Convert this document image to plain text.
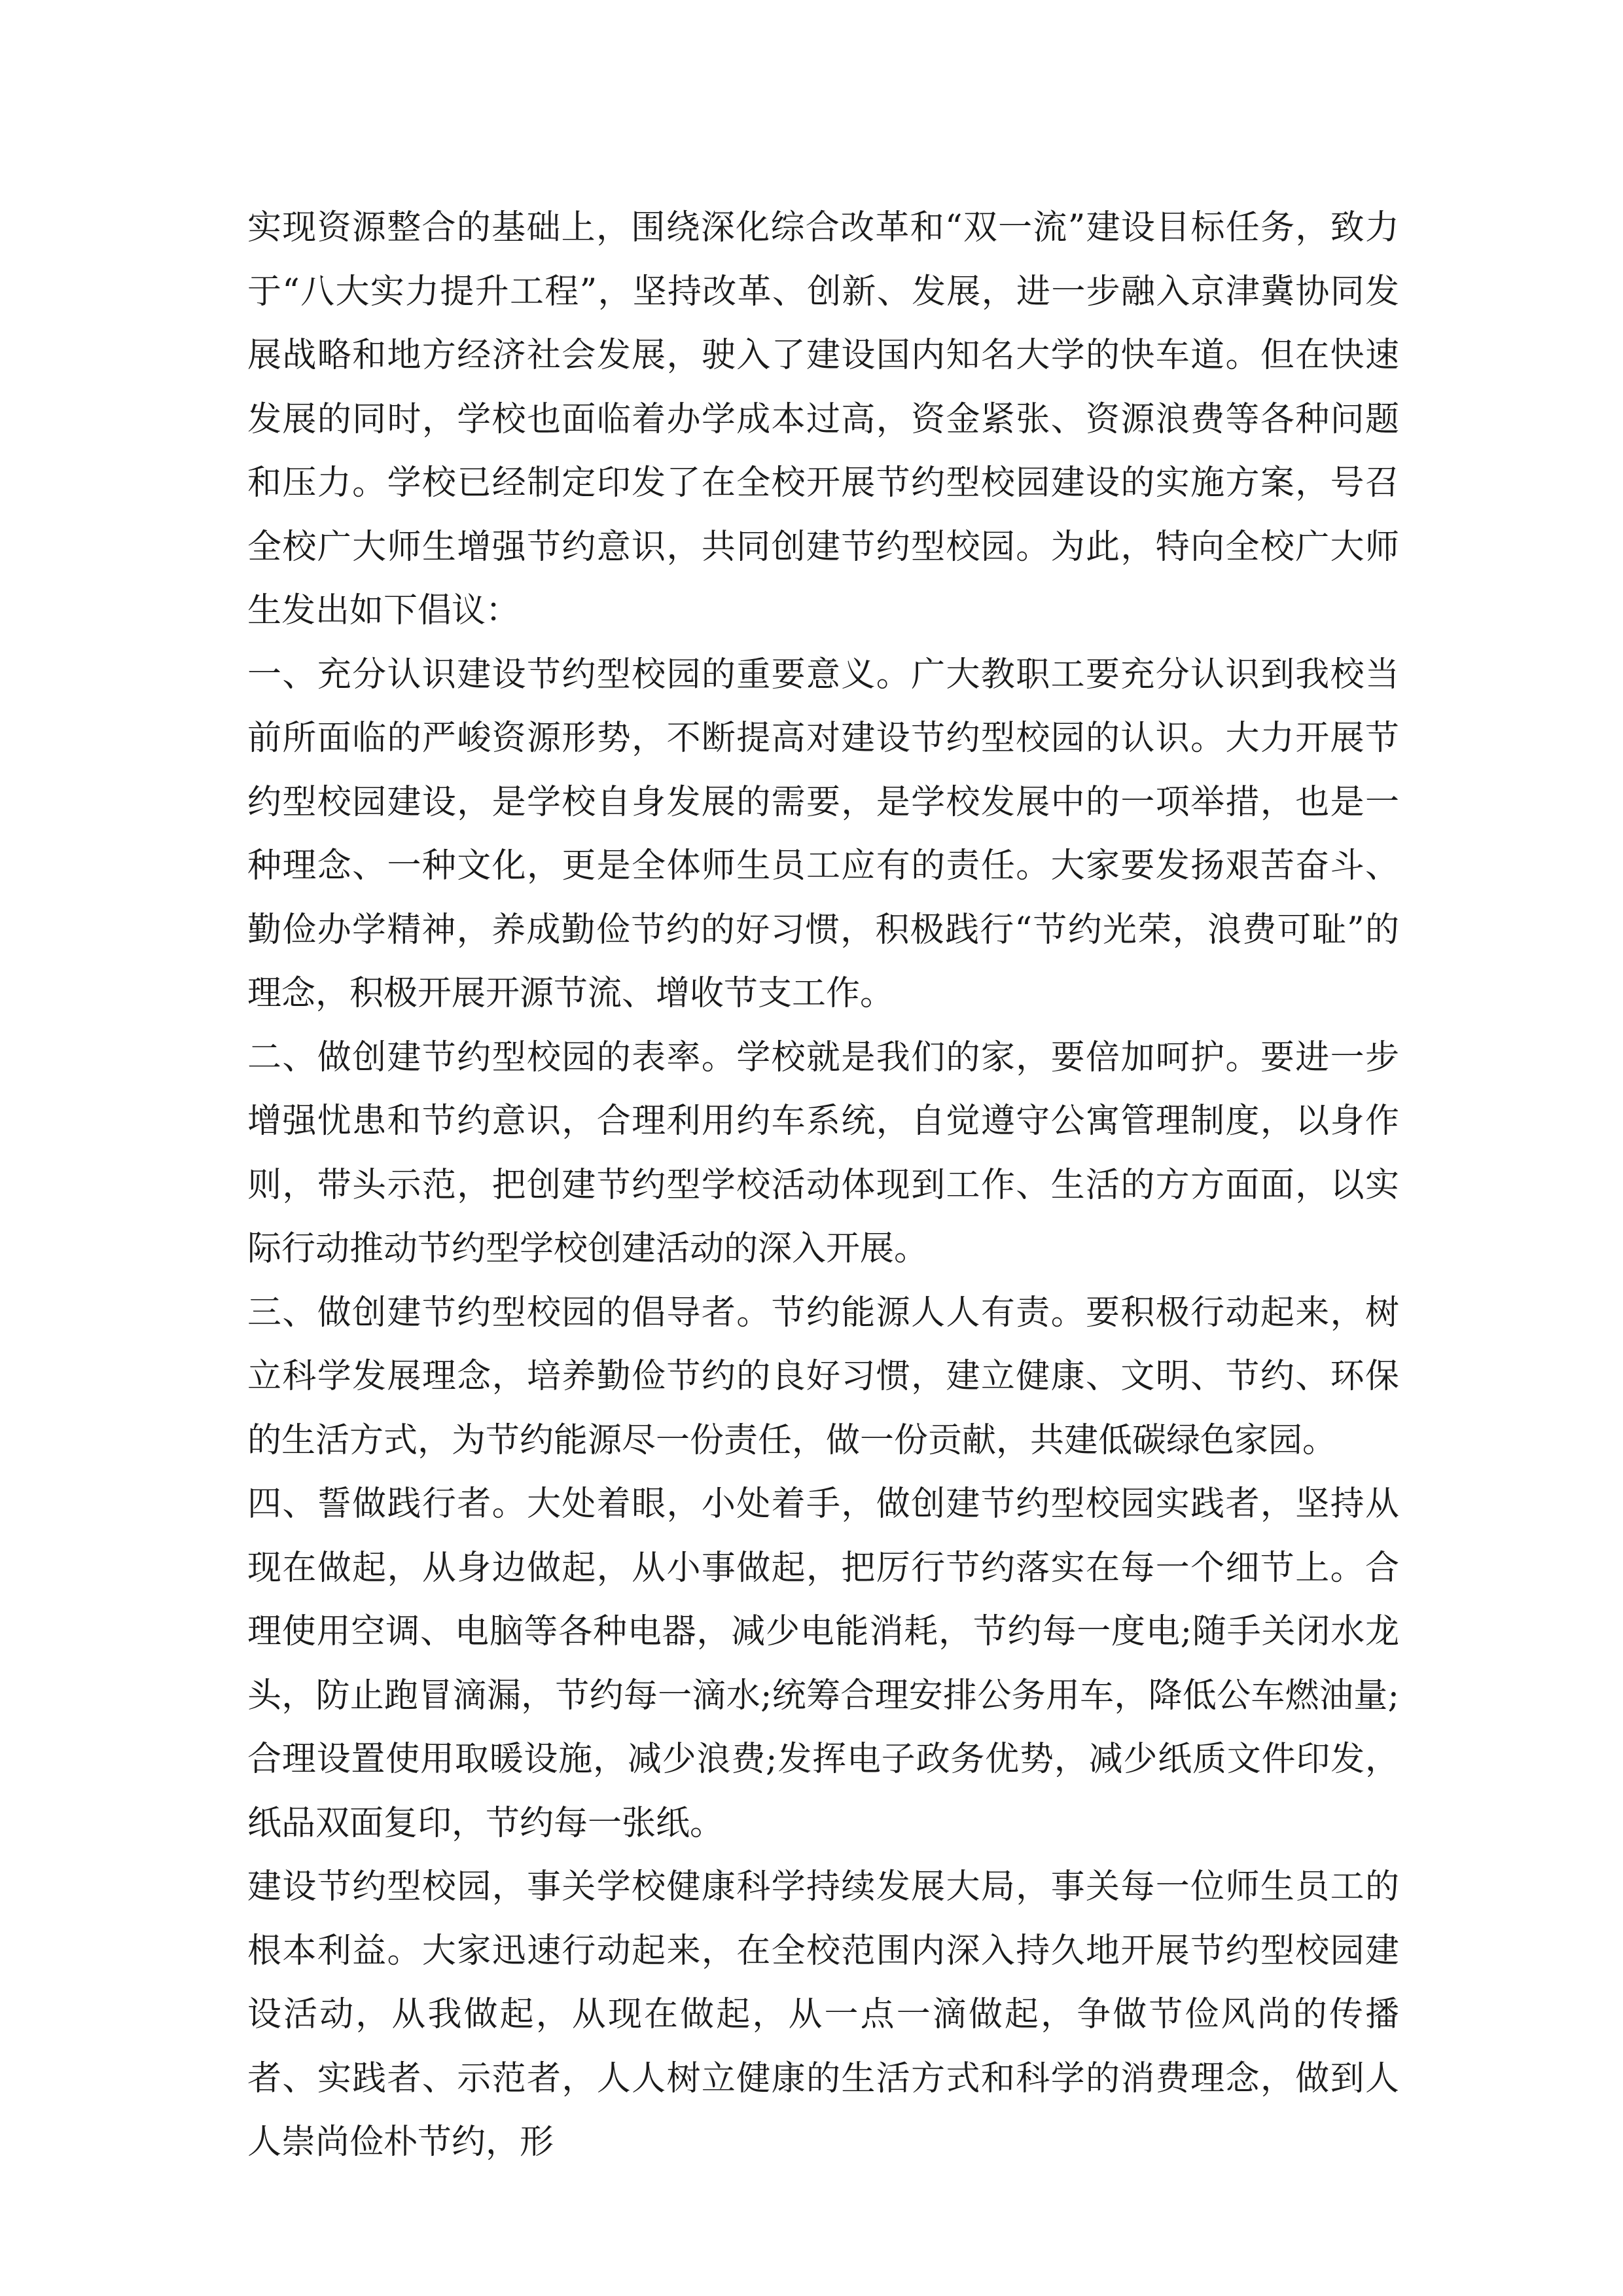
实现资源整合的基础上，围绕深化综合改革和“双一流”建设目标任务，致力于“八大实力提升工程”，坚持改革、创新、发展，进一步融入京津冀协同发展战略和地方经济社会发展，驶入了建设国内知名大学的快车道。但在快速发展的同时，学校也面临着办学成本过高，资金紧张、资源浪费等各种问题和压力。学校已经制定印发了在全校开展节约型校园建设的实施方案，号召全校广大师生增强节约意识，共同创建节约型校园。为此，特向全校广大师生发出如下倡议：

一、充分认识建设节约型校园的重要意义。广大教职工要充分认识到我校当前所面临的严峻资源形势，不断提高对建设节约型校园的认识。大力开展节约型校园建设，是学校自身发展的需要，是学校发展中的一项举措，也是一种理念、一种文化，更是全体师生员工应有的责任。大家要发扬艰苦奋斗、勤俭办学精神，养成勤俭节约的好习惯，积极践行“节约光荣，浪费可耻”的理念，积极开展开源节流、增收节支工作。

二、做创建节约型校园的表率。学校就是我们的家，要倍加呵护。要进一步增强忧患和节约意识，合理利用约车系统，自觉遵守公寓管理制度，以身作则，带头示范，把创建节约型学校活动体现到工作、生活的方方面面，以实际行动推动节约型学校创建活动的深入开展。

三、做创建节约型校园的倡导者。节约能源人人有责。要积极行动起来，树立科学发展理念，培养勤俭节约的良好习惯，建立健康、文明、节约、环保的生活方式，为节约能源尽一份责任，做一份贡献，共建低碳绿色家园。

四、誓做践行者。大处着眼，小处着手，做创建节约型校园实践者，坚持从现在做起，从身边做起，从小事做起，把厉行节约落实在每一个细节上。合理使用空调、电脑等各种电器，减少电能消耗，节约每一度电;随手关闭水龙头，防止跑冒滴漏，节约每一滴水;统筹合理安排公务用车，降低公车燃油量;合理设置使用取暖设施，减少浪费;发挥电子政务优势，减少纸质文件印发，纸品双面复印，节约每一张纸。

建设节约型校园，事关学校健康科学持续发展大局，事关每一位师生员工的根本利益。大家迅速行动起来，在全校范围内深入持久地开展节约型校园建设活动，从我做起，从现在做起，从一点一滴做起，争做节俭风尚的传播者、实践者、示范者，人人树立健康的生活方式和科学的消费理念，做到人人崇尚俭朴节约，形
